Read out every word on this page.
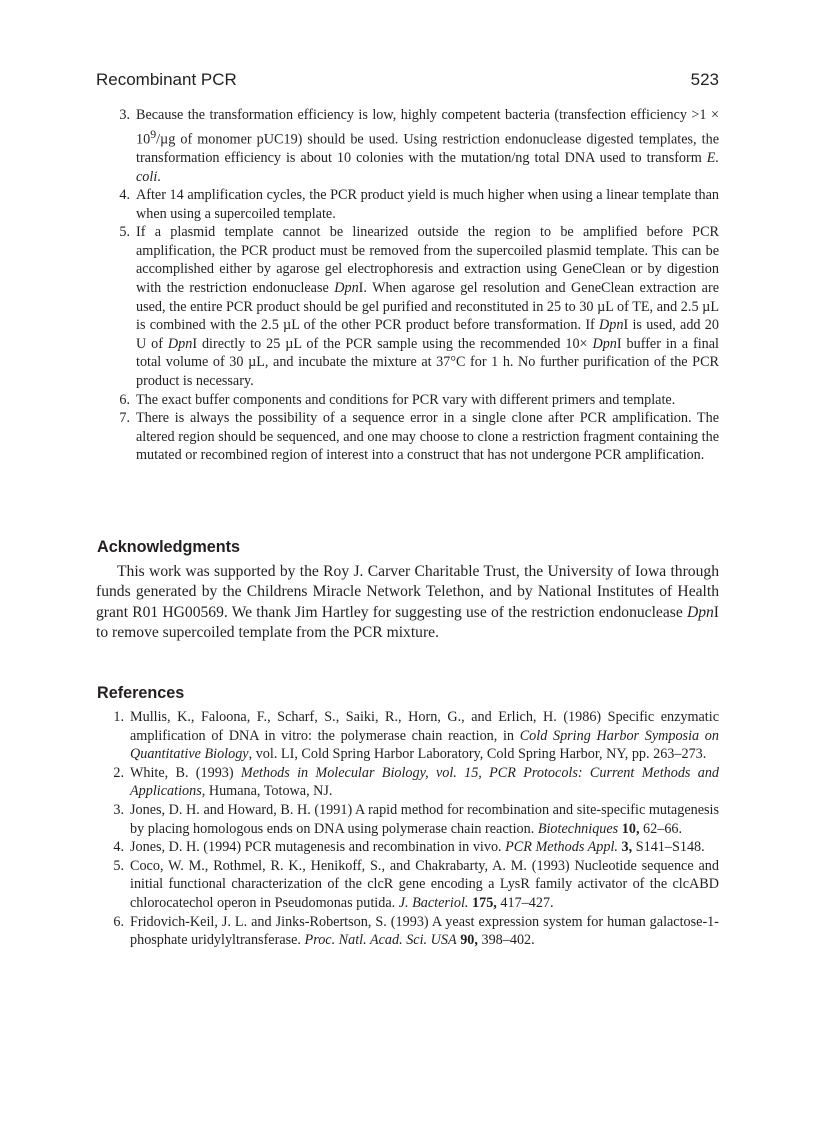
Recombinant PCR	523
3. Because the transformation efficiency is low, highly competent bacteria (transfection efficiency $>1 \times 10^9/\mu g$ of monomer pUC19) should be used. Using restriction endonuclease digested templates, the transformation efficiency is about 10 colonies with the mutation/ng total DNA used to transform E. coli.
4. After 14 amplification cycles, the PCR product yield is much higher when using a linear template than when using a supercoiled template.
5. If a plasmid template cannot be linearized outside the region to be amplified before PCR amplification, the PCR product must be removed from the supercoiled plasmid template. This can be accomplished either by agarose gel electrophoresis and extraction using GeneClean or by digestion with the restriction endonuclease DpnI. When agarose gel resolution and GeneClean extraction are used, the entire PCR product should be gel purified and reconstituted in 25 to 30 µL of TE, and 2.5 µL is combined with the 2.5 µL of the other PCR product before transformation. If DpnI is used, add 20 U of DpnI directly to 25 µL of the PCR sample using the recommended 10× DpnI buffer in a final total volume of 30 µL, and incubate the mixture at 37°C for 1 h. No further purification of the PCR product is necessary.
6. The exact buffer components and conditions for PCR vary with different primers and template.
7. There is always the possibility of a sequence error in a single clone after PCR amplification. The altered region should be sequenced, and one may choose to clone a restriction fragment containing the mutated or recombined region of interest into a construct that has not undergone PCR amplification.
Acknowledgments

This work was supported by the Roy J. Carver Charitable Trust, the University of Iowa through funds generated by the Childrens Miracle Network Telethon, and by National Institutes of Health grant R01 HG00569. We thank Jim Hartley for suggesting use of the restriction endonuclease DpnI to remove supercoiled template from the PCR mixture.

References
1. Mullis, K., Faloona, F., Scharf, S., Saiki, R., Horn, G., and Erlich, H. (1986) Specific enzymatic amplification of DNA in vitro: the polymerase chain reaction, in Cold Spring Harbor Symposia on Quantitative Biology, vol. LI, Cold Spring Harbor Laboratory, Cold Spring Harbor, NY, pp. 263–273.
2. White, B. (1993) Methods in Molecular Biology, vol. 15, PCR Protocols: Current Methods and Applications, Humana, Totowa, NJ.
3. Jones, D. H. and Howard, B. H. (1991) A rapid method for recombination and site-specific mutagenesis by placing homologous ends on DNA using polymerase chain reaction. Biotechniques 10, 62–66.
4. Jones, D. H. (1994) PCR mutagenesis and recombination in vivo. PCR Methods Appl. 3, S141–S148.
5. Coco, W. M., Rothmel, R. K., Henikoff, S., and Chakrabarty, A. M. (1993) Nucleotide sequence and initial functional characterization of the clcR gene encoding a LysR family activator of the clcABD chlorocatechol operon in Pseudomonas putida. J. Bacteriol. 175, 417–427.
6. Fridovich-Keil, J. L. and Jinks-Robertson, S. (1993) A yeast expression system for human galactose-1-phosphate uridylyltransferase. Proc. Natl. Acad. Sci. USA 90, 398–402.
